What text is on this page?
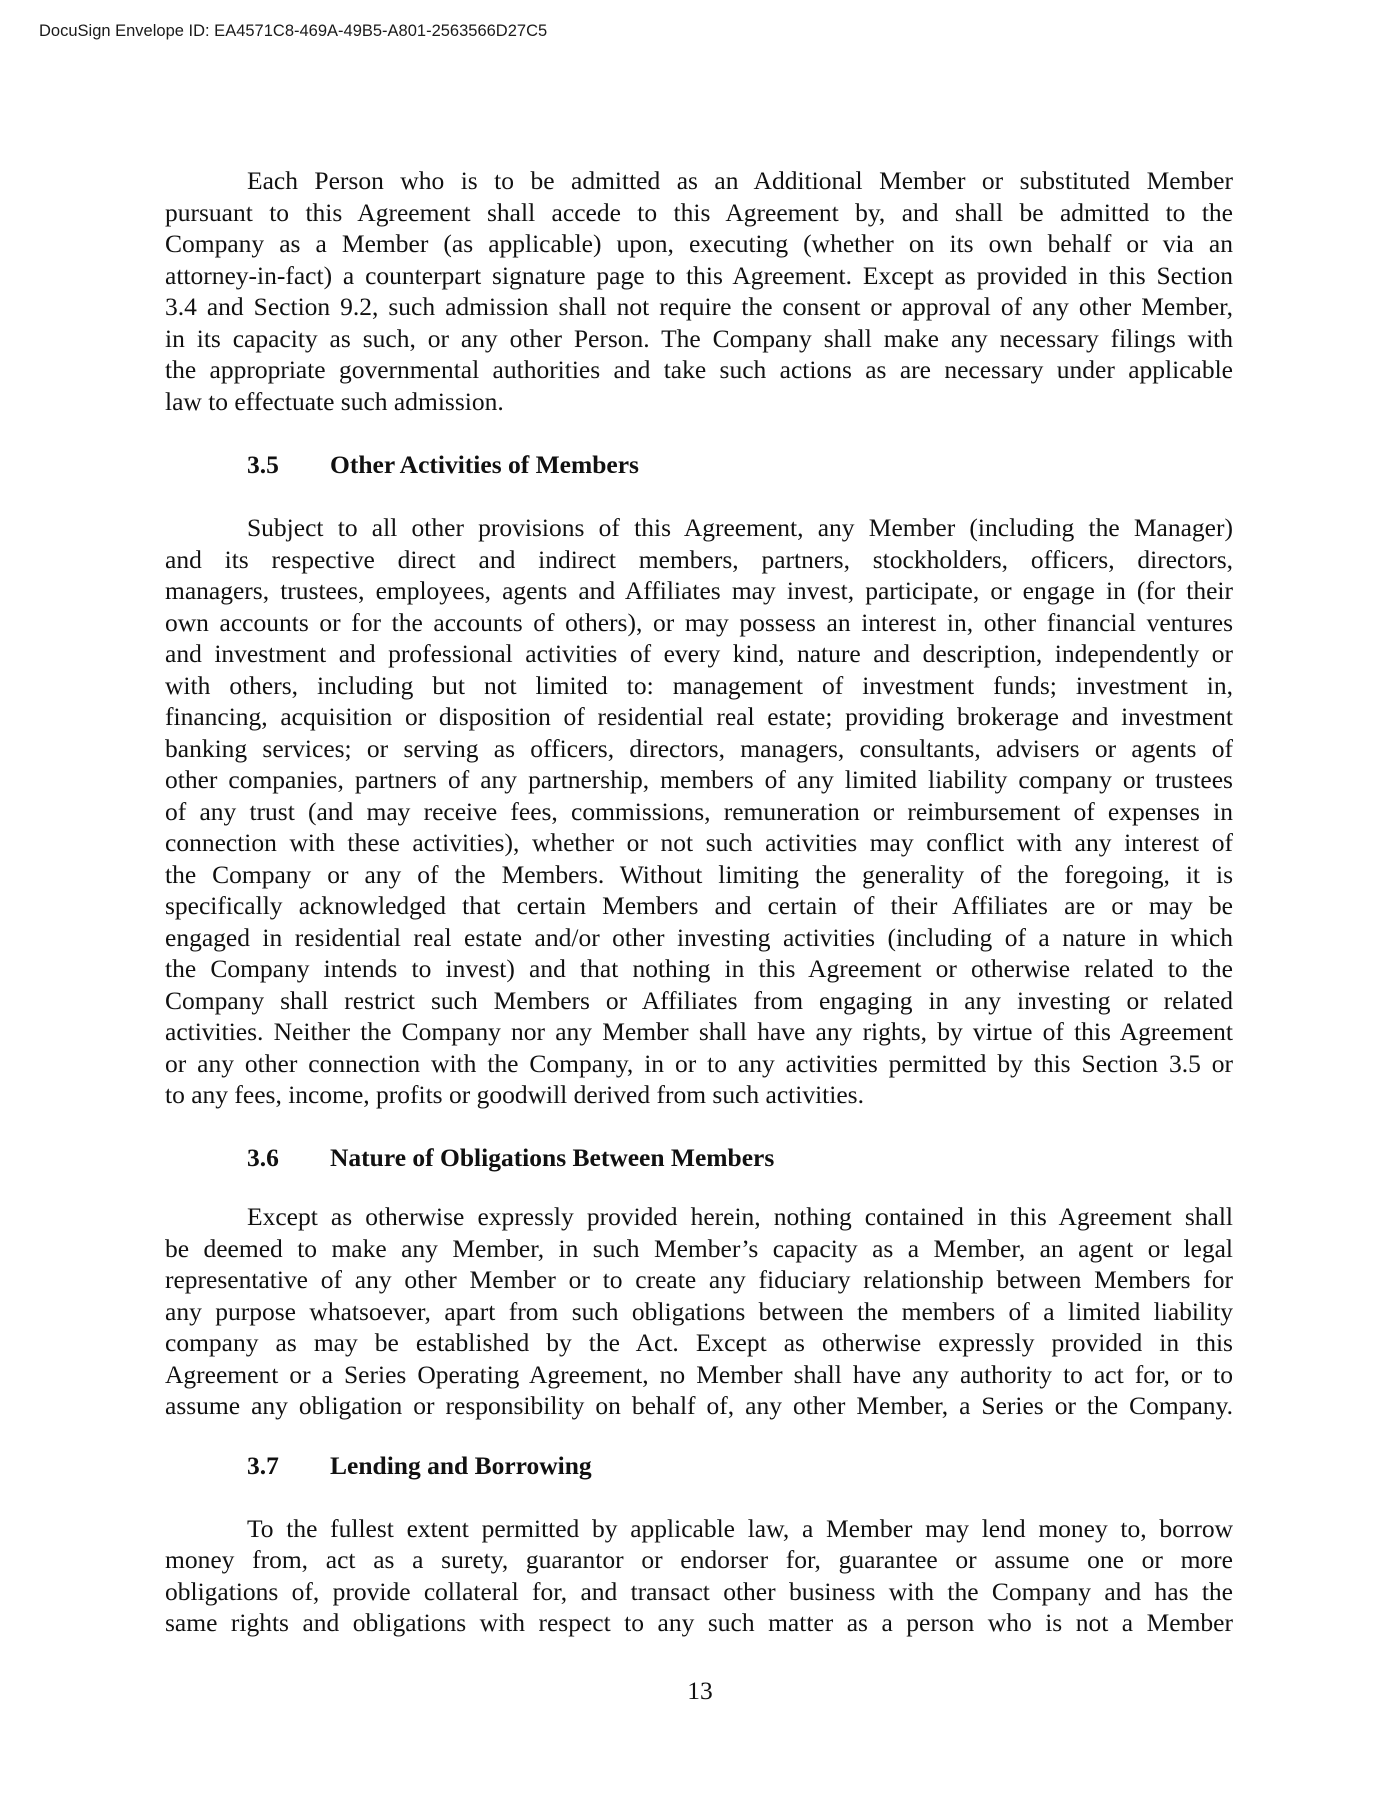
DocuSign Envelope ID: EA4571C8-469A-49B5-A801-2563566D27C5
Each Person who is to be admitted as an Additional Member or substituted Member
pursuant to this Agreement shall accede to this Agreement by, and shall be admitted to the
Company as a Member (as applicable) upon, executing (whether on its own behalf or via an
attorney-in-fact) a counterpart signature page to this Agreement. Except as provided in this Section
3.4 and Section 9.2, such admission shall not require the consent or approval of any other Member,
in its capacity as such, or any other Person. The Company shall make any necessary filings with
the appropriate governmental authorities and take such actions as are necessary under applicable
law to effectuate such admission.
3.5 Other Activities of Members
Subject to all other provisions of this Agreement, any Member (including the Manager)
and its respective direct and indirect members, partners, stockholders, officers, directors,
managers, trustees, employees, agents and Affiliates may invest, participate, or engage in (for their
own accounts or for the accounts of others), or may possess an interest in, other financial ventures
and investment and professional activities of every kind, nature and description, independently or
with others, including but not limited to: management of investment funds; investment in,
financing, acquisition or disposition of residential real estate; providing brokerage and investment
banking services; or serving as officers, directors, managers, consultants, advisers or agents of
other companies, partners of any partnership, members of any limited liability company or trustees
of any trust (and may receive fees, commissions, remuneration or reimbursement of expenses in
connection with these activities), whether or not such activities may conflict with any interest of
the Company or any of the Members. Without limiting the generality of the foregoing, it is
specifically acknowledged that certain Members and certain of their Affiliates are or may be
engaged in residential real estate and/or other investing activities (including of a nature in which
the Company intends to invest) and that nothing in this Agreement or otherwise related to the
Company shall restrict such Members or Affiliates from engaging in any investing or related
activities. Neither the Company nor any Member shall have any rights, by virtue of this Agreement
or any other connection with the Company, in or to any activities permitted by this Section 3.5 or
to any fees, income, profits or goodwill derived from such activities.
3.6 Nature of Obligations Between Members
Except as otherwise expressly provided herein, nothing contained in this Agreement shall
be deemed to make any Member, in such Member’s capacity as a Member, an agent or legal
representative of any other Member or to create any fiduciary relationship between Members for
any purpose whatsoever, apart from such obligations between the members of a limited liability
company as may be established by the Act. Except as otherwise expressly provided in this
Agreement or a Series Operating Agreement, no Member shall have any authority to act for, or to
assume any obligation or responsibility on behalf of, any other Member, a Series or the Company.
3.7 Lending and Borrowing
To the fullest extent permitted by applicable law, a Member may lend money to, borrow
money from, act as a surety, guarantor or endorser for, guarantee or assume one or more
obligations of, provide collateral for, and transact other business with the Company and has the
same rights and obligations with respect to any such matter as a person who is not a Member
13
